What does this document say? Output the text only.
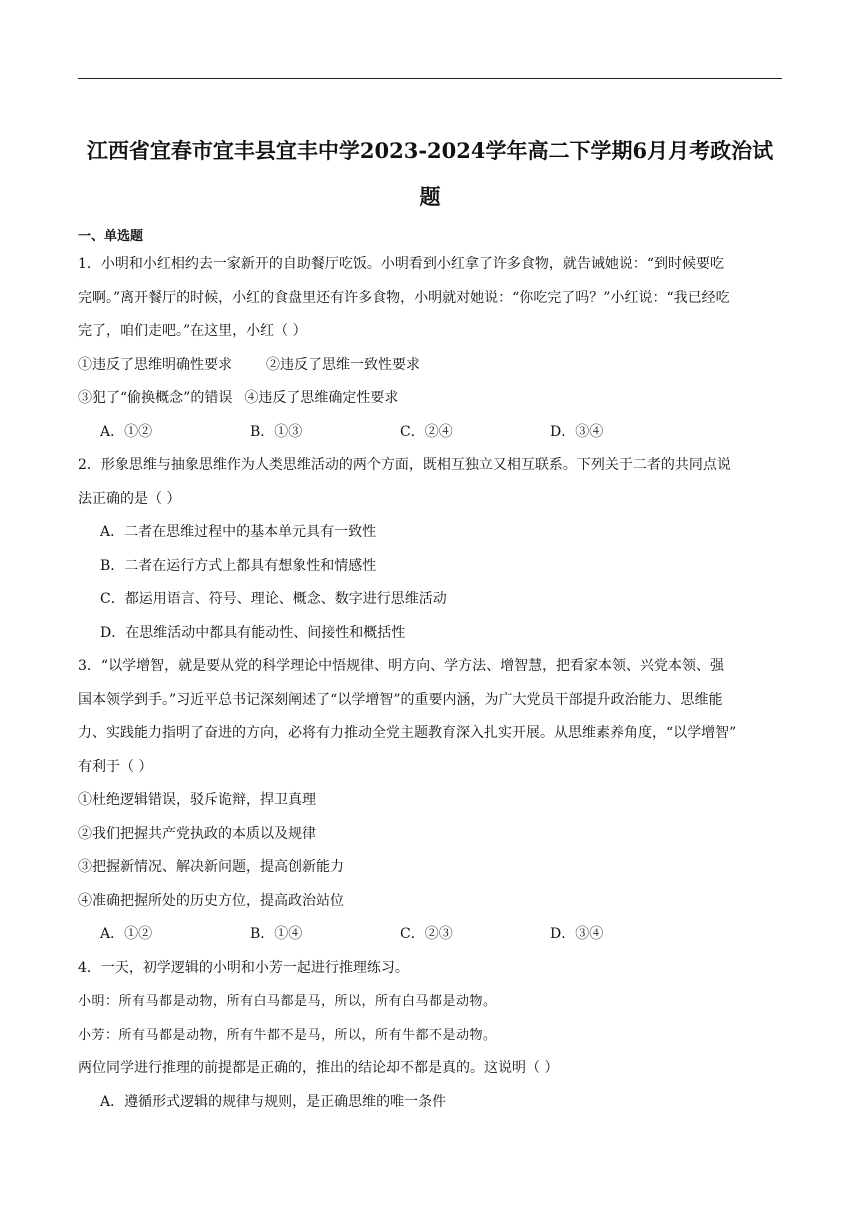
江西省宜春市宜丰县宜丰中学2023-2024学年高二下学期6月月考政治试

题

一、单选题

1．小明和小红相约去一家新开的自助餐厅吃饭。小明看到小红拿了许多食物，就告诫她说：“到时候要吃

完啊。”离开餐厅的时候，小红的食盘里还有许多食物，小明就对她说：“你吃完了吗？”小红说：“我已经吃

完了，咱们走吧。”在这里，小红（ ）

①违反了思维明确性要求 ②违反了思维一致性要求

③犯了“偷换概念”的错误 ④违反了思维确定性要求

A．①②	B．①③	C．②④	D．③④

2．形象思维与抽象思维作为人类思维活动的两个方面，既相互独立又相互联系。下列关于二者的共同点说

法正确的是（ ）

A．二者在思维过程中的基本单元具有一致性

B．二者在运行方式上都具有想象性和情感性

C．都运用语言、符号、理论、概念、数字进行思维活动

D．在思维活动中都具有能动性、间接性和概括性

3．“以学增智，就是要从党的科学理论中悟规律、明方向、学方法、增智慧，把看家本领、兴党本领、强

国本领学到手。”习近平总书记深刻阐述了“以学增智”的重要内涵，为广大党员干部提升政治能力、思维能

力、实践能力指明了奋进的方向，必将有力推动全党主题教育深入扎实开展。从思维素养角度，“以学增智”

有利于（ ）

①杜绝逻辑错误，驳斥诡辩，捍卫真理

②我们把握共产党执政的本质以及规律

③把握新情况、解决新问题，提高创新能力

④准确把握所处的历史方位，提高政治站位

A．①②	B．①④	C．②③	D．③④

4．一天，初学逻辑的小明和小芳一起进行推理练习。

小明：所有马都是动物，所有白马都是马，所以，所有白马都是动物。

小芳：所有马都是动物，所有牛都不是马，所以，所有牛都不是动物。

两位同学进行推理的前提都是正确的，推出的结论却不都是真的。这说明（ ）

A．遵循形式逻辑的规律与规则，是正确思维的唯一条件
